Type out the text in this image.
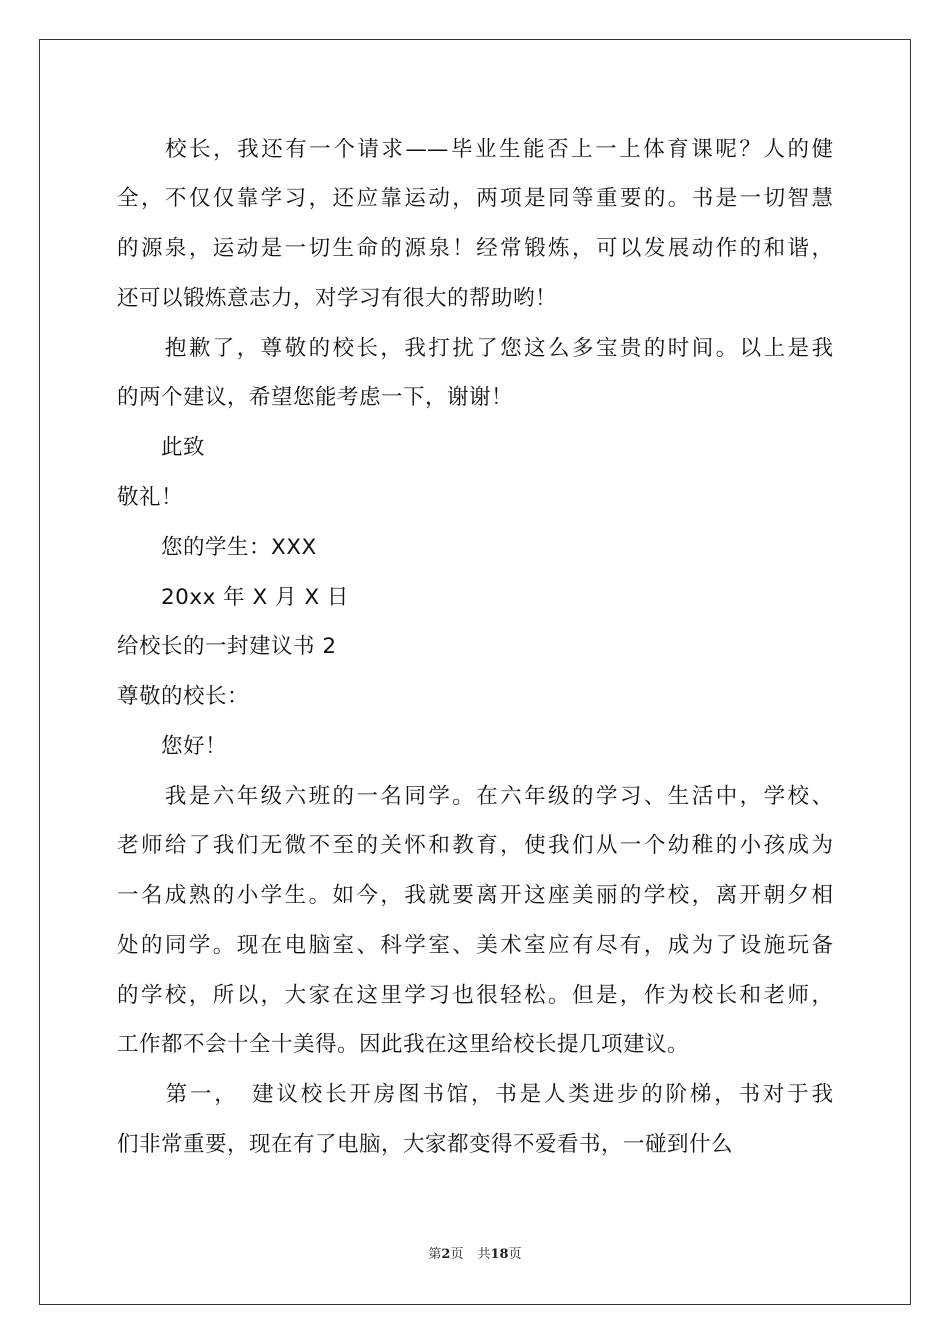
　　校长，我还有一个请求——毕业生能否上一上体育课呢？人的健
全，不仅仅靠学习，还应靠运动，两项是同等重要的。书是一切智慧
的源泉，运动是一切生命的源泉！经常锻炼，可以发展动作的和谐，
还可以锻炼意志力，对学习有很大的帮助哟！
　　抱歉了，尊敬的校长，我打扰了您这么多宝贵的时间。以上是我
的两个建议，希望您能考虑一下，谢谢！
　　此致
敬礼！
　　您的学生：XXX
　　20xx 年 X 月 X 日
给校长的一封建议书 2
尊敬的校长：
　　您好！
　　我是六年级六班的一名同学。在六年级的学习、生活中，学校、
老师给了我们无微不至的关怀和教育，使我们从一个幼稚的小孩成为
一名成熟的小学生。如今，我就要离开这座美丽的学校，离开朝夕相
处的同学。现在电脑室、科学室、美术室应有尽有，成为了设施玩备
的学校，所以，大家在这里学习也很轻松。但是，作为校长和老师，
工作都不会十全十美得。因此我在这里给校长提几项建议。
　　第一，　建议校长开房图书馆，书是人类进步的阶梯，书对于我
们非常重要，现在有了电脑，大家都变得不爱看书，一碰到什么
第2页 共18页
